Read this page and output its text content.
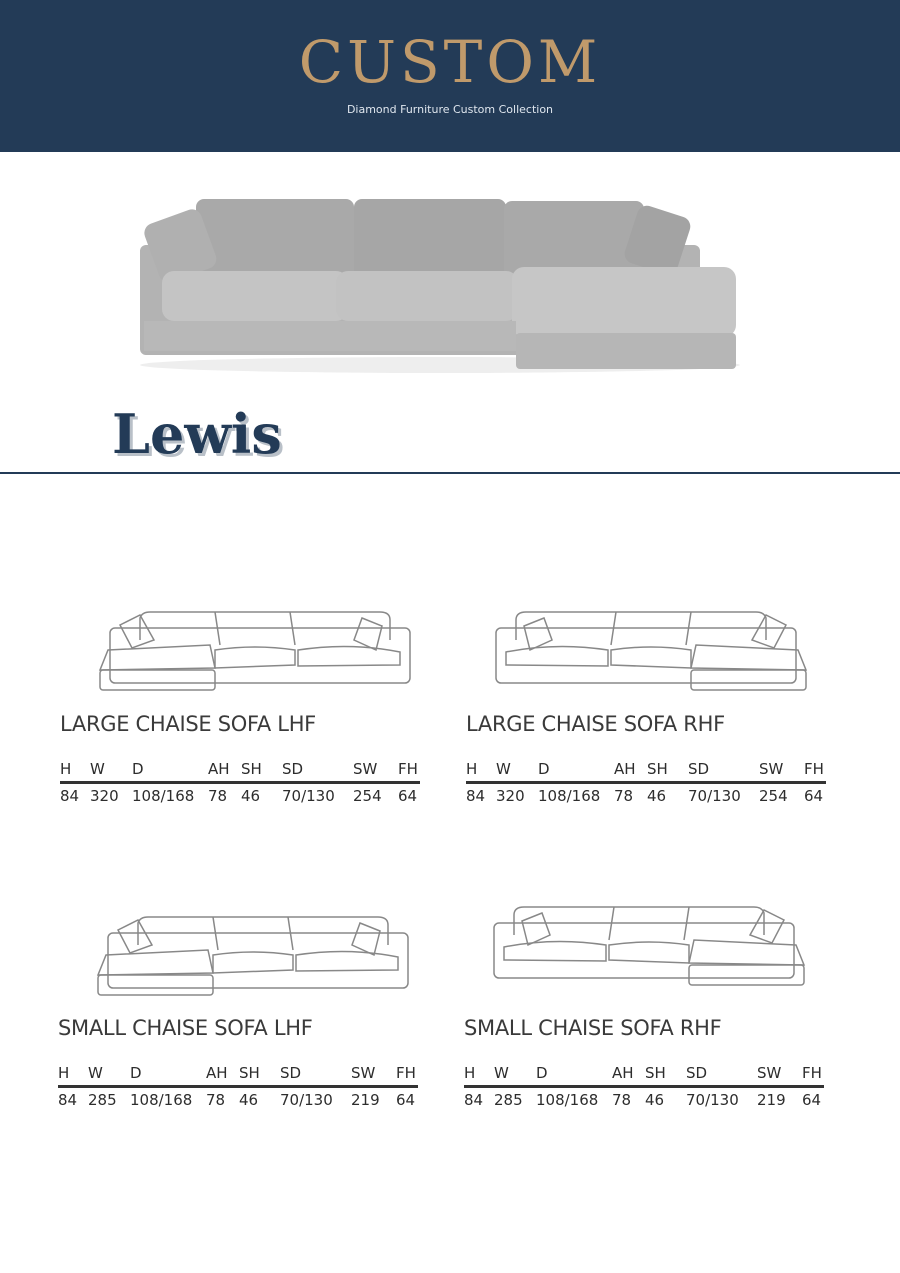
CUSTOM
Diamond Furniture Custom Collection
Lewis
LARGE CHAISE SOFA LHF
H
84
W
320
D
108/168
AH
78
SH
46
SD
70/130
SW
254
FH
64
LARGE CHAISE SOFA RHF
H
84
W
320
D
108/168
AH
78
SH
46
SD
70/130
SW
254
FH
64
SMALL CHAISE SOFA LHF
H
84
W
285
D
108/168
AH
78
SH
46
SD
70/130
SW
219
FH
64
SMALL CHAISE SOFA RHF
H
84
W
285
D
108/168
AH
78
SH
46
SD
70/130
SW
219
FH
64
